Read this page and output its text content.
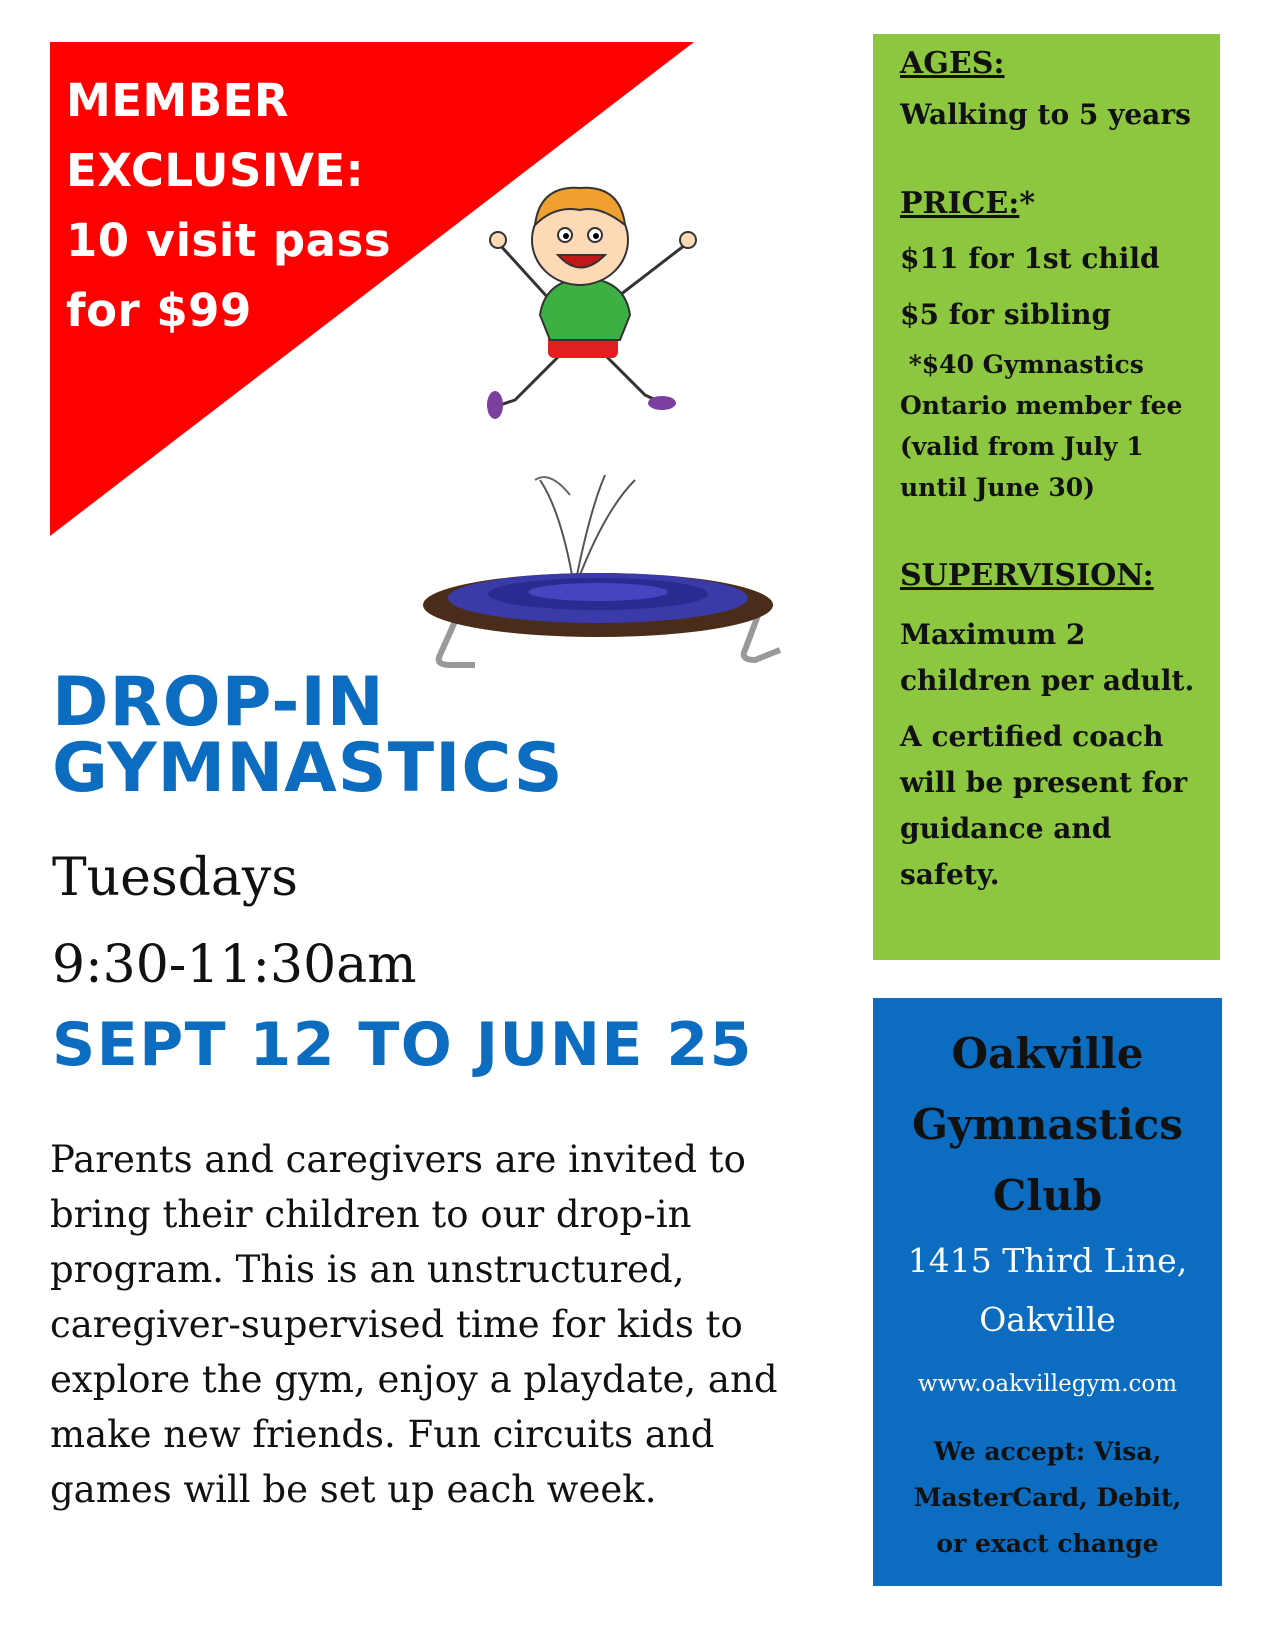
MEMBER
EXCLUSIVE:
10 visit pass
for $99
DROP-IN
GYMNASTICS
Tuesdays
9:30-11:30am
SEPT 12 TO JUNE 25
Parents and caregivers are invited to
bring their children to our drop-in
program. This is an unstructured,
caregiver-supervised time for kids to
explore the gym, enjoy a playdate, and
make new friends. Fun circuits and
games will be set up each week.
AGES:
Walking to 5 years
PRICE:*
$11 for 1st child
$5 for sibling
*$40 Gymnastics
Ontario member fee
(valid from July 1
until June 30)
SUPERVISION:
Maximum 2
children per adult.
A certified coach
will be present for
guidance and
safety.
Oakville
Gymnastics
Club
1415 Third Line,
Oakville
www.oakvillegym.com
We accept: Visa,
MasterCard, Debit,
or exact change
